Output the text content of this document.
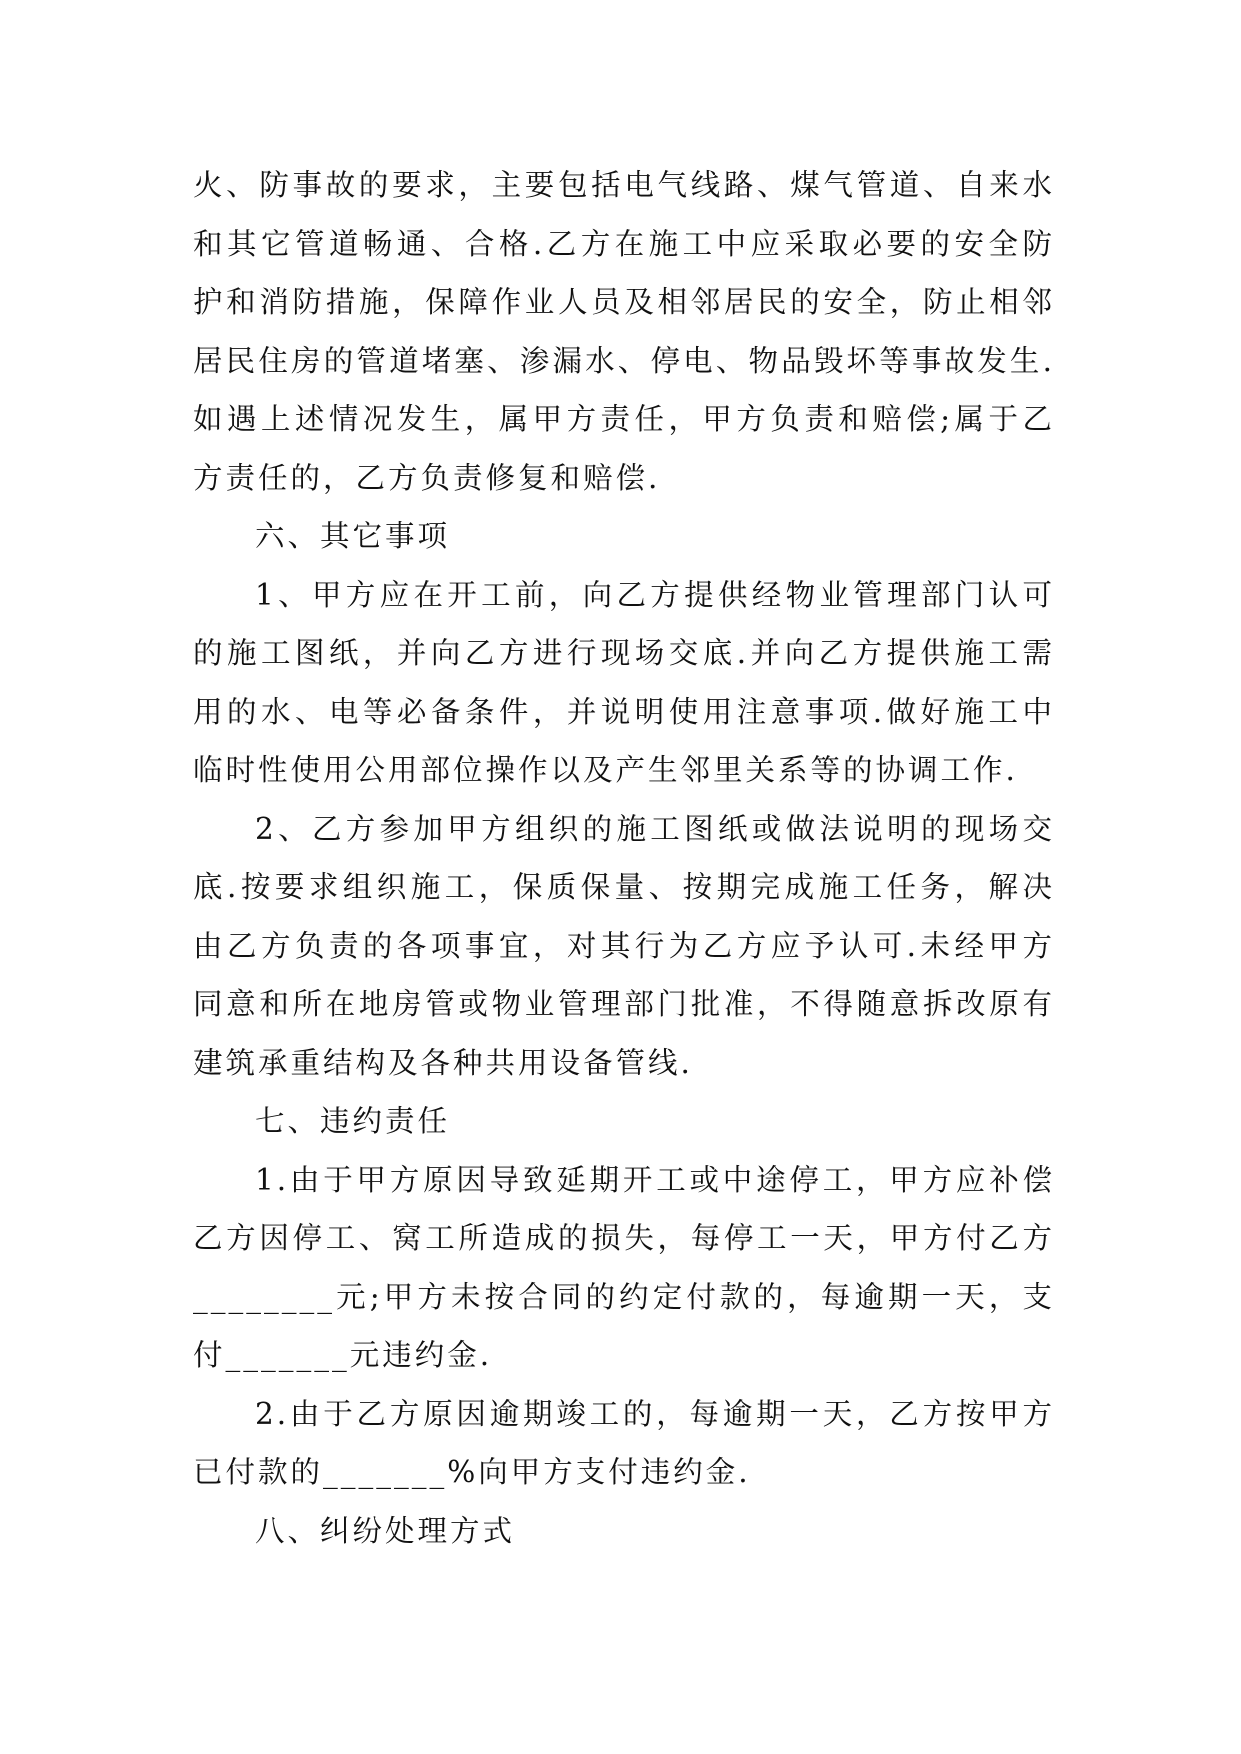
火、防事故的要求，主要包括电气线路、煤气管道、自来水
和其它管道畅通、合格.乙方在施工中应采取必要的安全防
护和消防措施，保障作业人员及相邻居民的安全，防止相邻
居民住房的管道堵塞、渗漏水、停电、物品毁坏等事故发生.
如遇上述情况发生，属甲方责任，甲方负责和赔偿;属于乙
方责任的，乙方负责修复和赔偿.
六、其它事项
1、甲方应在开工前，向乙方提供经物业管理部门认可
的施工图纸，并向乙方进行现场交底.并向乙方提供施工需
用的水、电等必备条件，并说明使用注意事项.做好施工中
临时性使用公用部位操作以及产生邻里关系等的协调工作.
2、乙方参加甲方组织的施工图纸或做法说明的现场交
底.按要求组织施工，保质保量、按期完成施工任务，解决
由乙方负责的各项事宜，对其行为乙方应予认可.未经甲方
同意和所在地房管或物业管理部门批准，不得随意拆改原有
建筑承重结构及各种共用设备管线.
七、违约责任
1.由于甲方原因导致延期开工或中途停工，甲方应补偿
乙方因停工、窝工所造成的损失，每停工一天，甲方付乙方
________元;甲方未按合同的约定付款的，每逾期一天，支
付_______元违约金.
2.由于乙方原因逾期竣工的，每逾期一天，乙方按甲方
已付款的_______%向甲方支付违约金.
八、纠纷处理方式
